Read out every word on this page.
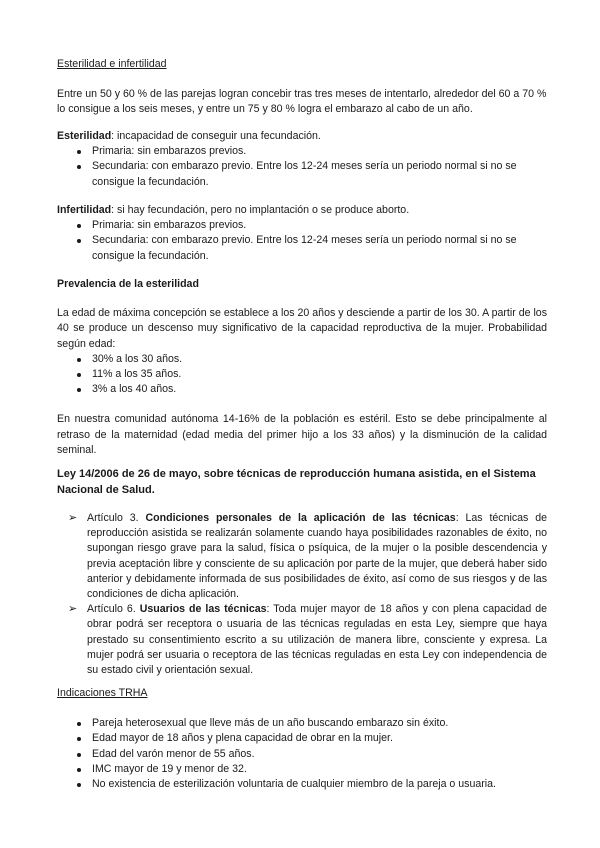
Esterilidad e infertilidad

Entre un 50 y 60 % de las parejas logran concebir tras tres meses de intentarlo, alrededor del 60 a 70 % lo consigue a los seis meses, y entre un 75 y 80 % logra el embarazo al cabo de un año.

Esterilidad: incapacidad de conseguir una fecundación.

Primaria: sin embarazos previos.
Secundaria: con embarazo previo. Entre los 12-24 meses sería un periodo normal si no se consigue la fecundación.

Infertilidad: si hay fecundación, pero no implantación o se produce aborto.

Primaria: sin embarazos previos.
Secundaria: con embarazo previo. Entre los 12-24 meses sería un periodo normal si no se consigue la fecundación.

Prevalencia de la esterilidad

La edad de máxima concepción se establece a los 20 años y desciende a partir de los 30. A partir de los 40 se produce un descenso muy significativo de la capacidad reproductiva de la mujer. Probabilidad según edad:

30% a los 30 años.
11% a los 35 años.
3% a los 40 años.

En nuestra comunidad autónoma 14-16% de la población es estéril. Esto se debe principalmente al retraso de la maternidad (edad media del primer hijo a los 33 años) y la disminución de la calidad seminal.

Ley 14/2006 de 26 de mayo, sobre técnicas de reproducción humana asistida, en el Sistema Nacional de Salud.

➢ Artículo 3. Condiciones personales de la aplicación de las técnicas: Las técnicas de reproducción asistida se realizarán solamente cuando haya posibilidades razonables de éxito, no supongan riesgo grave para la salud, física o psíquica, de la mujer o la posible descendencia y previa aceptación libre y consciente de su aplicación por parte de la mujer, que deberá haber sido anterior y debidamente informada de sus posibilidades de éxito, así como de sus riesgos y de las condiciones de dicha aplicación.
➢ Artículo 6. Usuarios de las técnicas: Toda mujer mayor de 18 años y con plena capacidad de obrar podrá ser receptora o usuaria de las técnicas reguladas en esta Ley, siempre que haya prestado su consentimiento escrito a su utilización de manera libre, consciente y expresa. La mujer podrá ser usuaria o receptora de las técnicas reguladas en esta Ley con independencia de su estado civil y orientación sexual.

Indicaciones TRHA

Pareja heterosexual que lleve más de un año buscando embarazo sin éxito.
Edad mayor de 18 años y plena capacidad de obrar en la mujer.
Edad del varón menor de 55 años.
IMC mayor de 19 y menor de 32.
No existencia de esterilización voluntaria de cualquier miembro de la pareja o usuaria.
